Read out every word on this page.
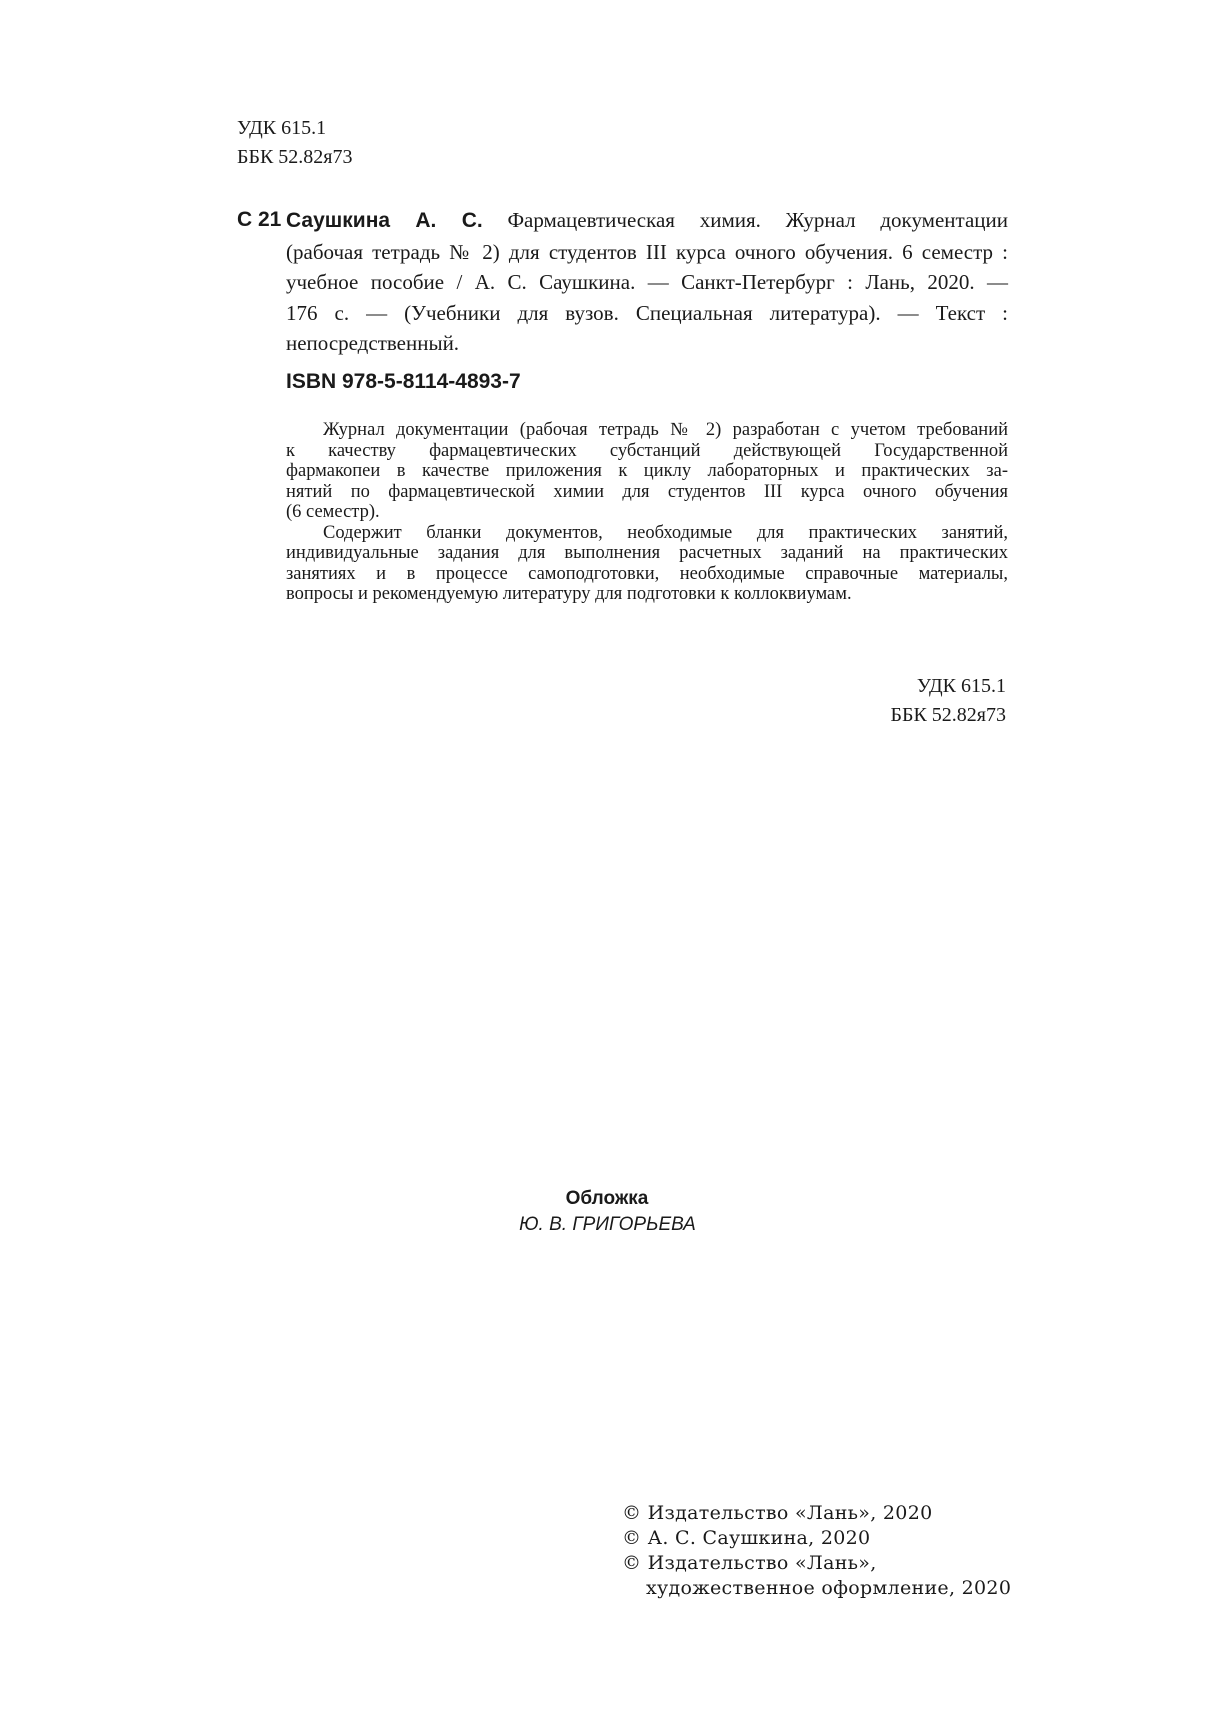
УДК 615.1
ББК 52.82я73
С 21 Саушкина А. С. Фармацевтическая химия. Журнал документации
(рабочая тетрадь № 2) для студентов III курса очного обучения. 6 семестр :
учебное пособие / А. С. Саушкина. — Санкт-Петербург : Лань, 2020. —
176 с. — (Учебники для вузов. Специальная литература). — Текст :
непосредственный.
ISBN 978-5-8114-4893-7
Журнал документации (рабочая тетрадь № 2) разработан с учетом требований
к качеству фармацевтических субстанций действующей Государственной
фармакопеи в качестве приложения к циклу лабораторных и практических за-
нятий по фармацевтической химии для студентов III курса очного обучения
(6 семестр).
Содержит бланки документов, необходимые для практических занятий,
индивидуальные задания для выполнения расчетных заданий на практических
занятиях и в процессе самоподготовки, необходимые справочные материалы,
вопросы и рекомендуемую литературу для подготовки к коллоквиумам.
УДК 615.1
ББК 52.82я73
Обложка
Ю. В. ГРИГОРЬЕВА
© Издательство «Лань», 2020
© А. С. Саушкина, 2020
© Издательство «Лань»,
художественное оформление, 2020
